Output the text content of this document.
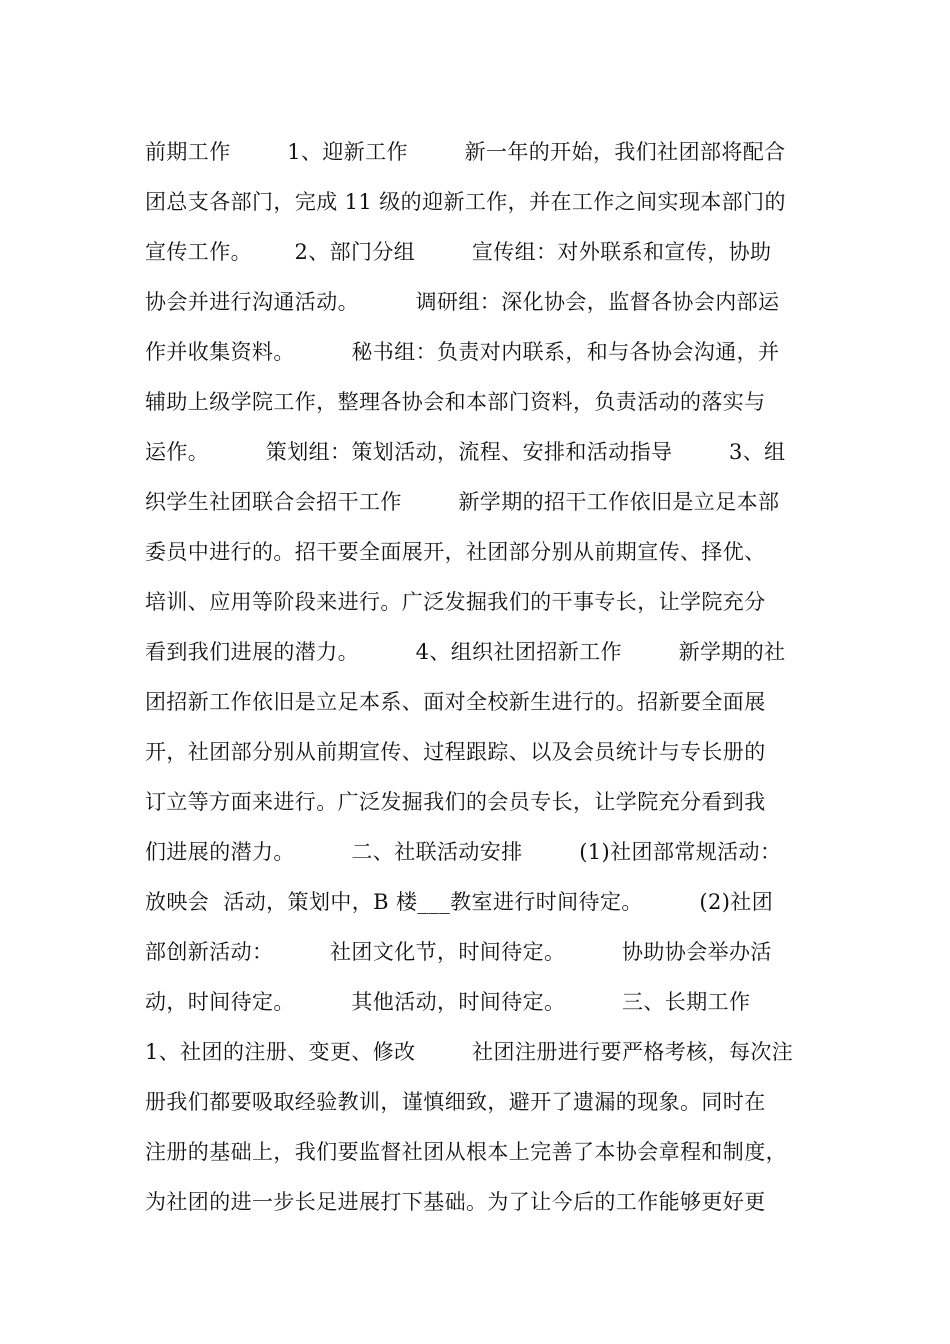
前期工作        1、迎新工作        新一年的开始，我们社团部将配合
团总支各部门，完成 11 级的迎新工作，并在工作之间实现本部门的
宣传工作。      2、部门分组        宣传组：对外联系和宣传，协助
协会并进行沟通活动。        调研组：深化协会，监督各协会内部运
作并收集资料。        秘书组：负责对内联系，和与各协会沟通，并
辅助上级学院工作，整理各协会和本部门资料，负责活动的落实与
运作。        策划组：策划活动，流程、安排和活动指导        3、组
织学生社团联合会招干工作        新学期的招干工作依旧是立足本部
委员中进行的。招干要全面展开，社团部分别从前期宣传、择优、
培训、应用等阶段来进行。广泛发掘我们的干事专长，让学院充分
看到我们进展的潜力。        4、组织社团招新工作        新学期的社
团招新工作依旧是立足本系、面对全校新生进行的。招新要全面展
开，社团部分别从前期宣传、过程跟踪、以及会员统计与专长册的
订立等方面来进行。广泛发掘我们的会员专长，让学院充分看到我
们进展的潜力。        二、社联活动安排        (1)社团部常规活动：
放映会  活动，策划中，B 楼___教室进行时间待定。        (2)社团
部创新活动：        社团文化节，时间待定。        协助协会举办活
动，时间待定。        其他活动，时间待定。        三、长期工作
1、社团的注册、变更、修改        社团注册进行要严格考核，每次注
册我们都要吸取经验教训，谨慎细致，避开了遗漏的现象。同时在
注册的基础上，我们要监督社团从根本上完善了本协会章程和制度，
为社团的进一步长足进展打下基础。为了让今后的工作能够更好更
